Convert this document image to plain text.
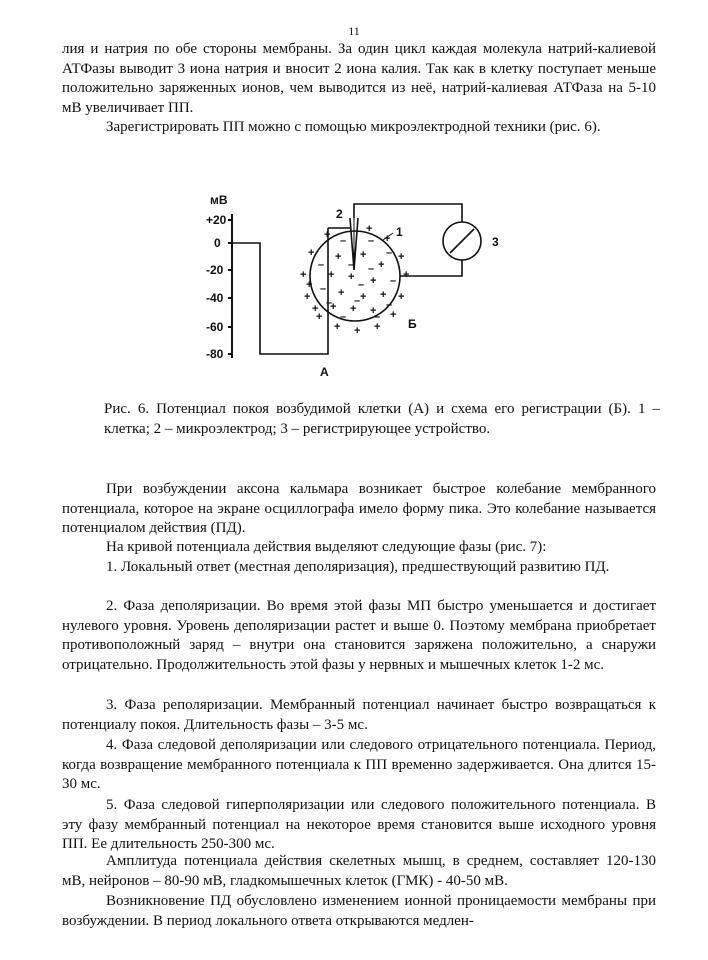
11
лия и натрия по обе стороны мембраны. За один цикл каждая молекула натрий-калиевой АТФазы выводит 3 иона натрия и вносит 2 иона калия. Так как в клетку поступает меньше положительно заряженных ионов, чем выводится из неё, натрий-калиевая АТФаза на 5-10 мВ увеличивает ПП.
Зарегистрировать ПП можно с помощью микроэлектродной техники (рис. 6).
мВ
+20
0
-20
-40
-60
-80
А
2
1
3
Б
+ +
+
+ + +
+ + +
+
+	+
–
– –
–
–
–
–
–
–
–
– –
–
–
+
+	+
+
+
+
+
+
+
+
+
+
+
+
+
+
Рис. 6. Потенциал покоя возбудимой клетки (А) и схема его регистрации (Б). 1 – клетка; 2 – микроэлектрод; 3 – регистрирующее устройство.
При возбуждении аксона кальмара возникает быстрое колебание мембранного потенциала, которое на экране осциллографа имело форму пика. Это колебание называется потенциалом действия (ПД).
На кривой потенциала действия выделяют следующие фазы (рис. 7):
1. Локальный ответ (местная деполяризация), предшествующий развитию ПД.
2. Фаза деполяризации. Во время этой фазы МП быстро уменьшается и достигает нулевого уровня. Уровень деполяризации растет и выше 0. Поэтому мембрана приобретает противоположный заряд – внутри она становится заряжена положительно, а снаружи отрицательно. Продолжительность этой фазы у нервных и мышечных клеток 1-2 мс.
3. Фаза реполяризации. Мембранный потенциал начинает быстро возвращаться к потенциалу покоя. Длительность фазы – 3-5 мс.
4. Фаза следовой деполяризации или следового отрицательного потенциала. Период, когда возвращение мембранного потенциала к ПП временно задерживается. Она длится 15-30 мс.
5. Фаза следовой гиперполяризации или следового положительного потенциала. В эту фазу мембранный потенциал на некоторое время становится выше исходного уровня ПП. Ее длительность 250-300 мс.
Амплитуда потенциала действия скелетных мышц, в среднем, составляет 120-130 мВ, нейронов – 80-90 мВ, гладкомышечных клеток (ГМК) - 40-50 мВ.
Возникновение ПД обусловлено изменением ионной проницаемости мембраны при возбуждении. В период локального ответа открываются медлен-
